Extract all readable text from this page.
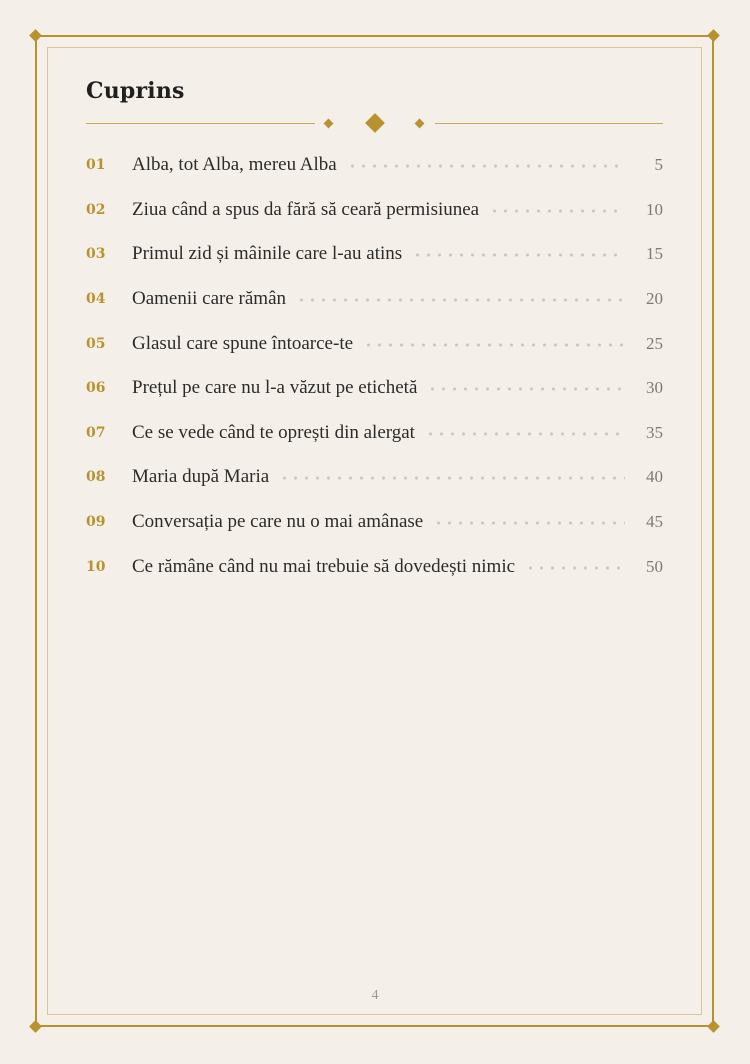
Cuprins
01	Alba, tot Alba, mereu Alba	5
02	Ziua când a spus da fără să ceară permisiunea	10
03	Primul zid și mâinile care l-au atins	15
04	Oamenii care rămân	20
05	Glasul care spune întoarce-te	25
06	Prețul pe care nu l-a văzut pe etichetă	30
07	Ce se vede când te oprești din alergat	35
08	Maria după Maria	40
09	Conversația pe care nu o mai amânase	45
10	Ce rămâne când nu mai trebuie să dovedești nimic	50
4
